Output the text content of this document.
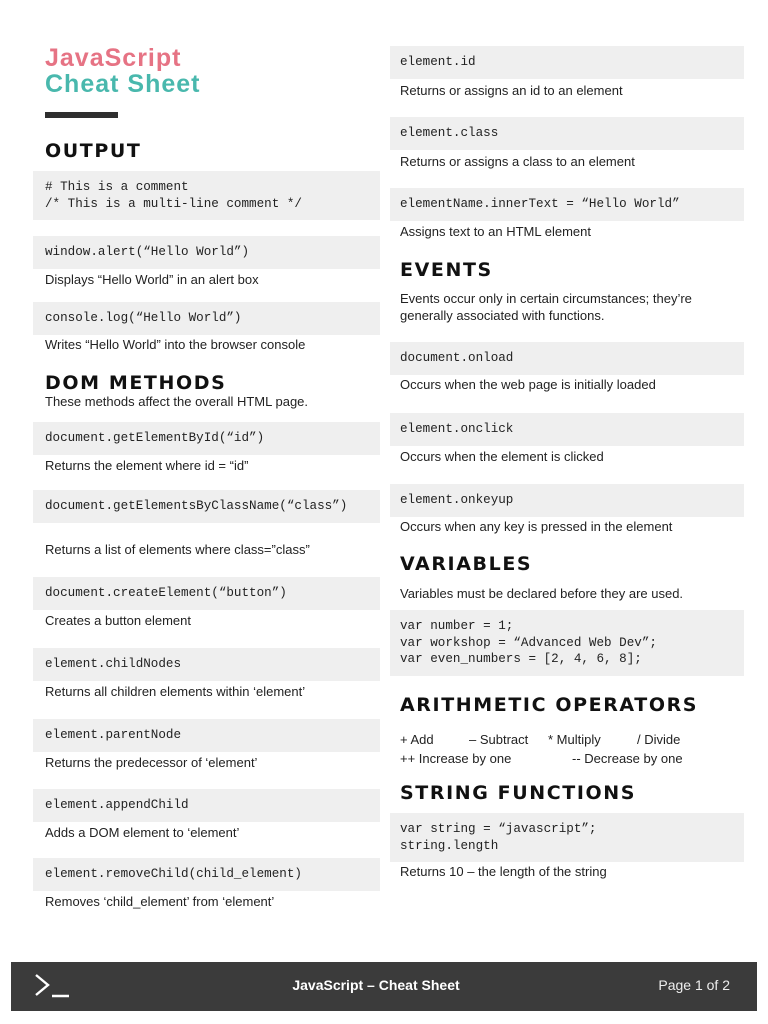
JavaScript
Cheat Sheet
OUTPUT
# This is a comment
/* This is a multi-line comment */
window.alert(“Hello World”)
Displays “Hello World” in an alert box
console.log(“Hello World”)
Writes “Hello World” into the browser console
DOM METHODS
These methods affect the overall HTML page.
document.getElementById(“id”)
Returns the element where id = “id”
document.getElementsByClassName(“class”)
Returns a list of elements where class=”class”
document.createElement(“button”)
Creates a button element
element.childNodes
Returns all children elements within ‘element’
element.parentNode
Returns the predecessor of ‘element’
element.appendChild
Adds a DOM element to ‘element’
element.removeChild(child_element)
Removes ‘child_element’ from ‘element’
element.id
Returns or assigns an id to an element
element.class
Returns or assigns a class to an element
elementName.innerText = “Hello World”
Assigns text to an HTML element
EVENTS
Events occur only in certain circumstances; they’re generally associated with functions.
document.onload
Occurs when the web page is initially loaded
element.onclick
Occurs when the element is clicked
element.onkeyup
Occurs when any key is pressed in the element
VARIABLES
Variables must be declared before they are used.
var number = 1;
var workshop = “Advanced Web Dev”;
var even_numbers = [2, 4, 6, 8];
ARITHMETIC OPERATORS
+ Add	– Subtract * Multiply	/ Divide
++ Increase by one	-- Decrease by one
STRING FUNCTIONS
var string = “javascript”;
string.length
Returns 10 – the length of the string
JavaScript – Cheat Sheet	Page 1 of 2
